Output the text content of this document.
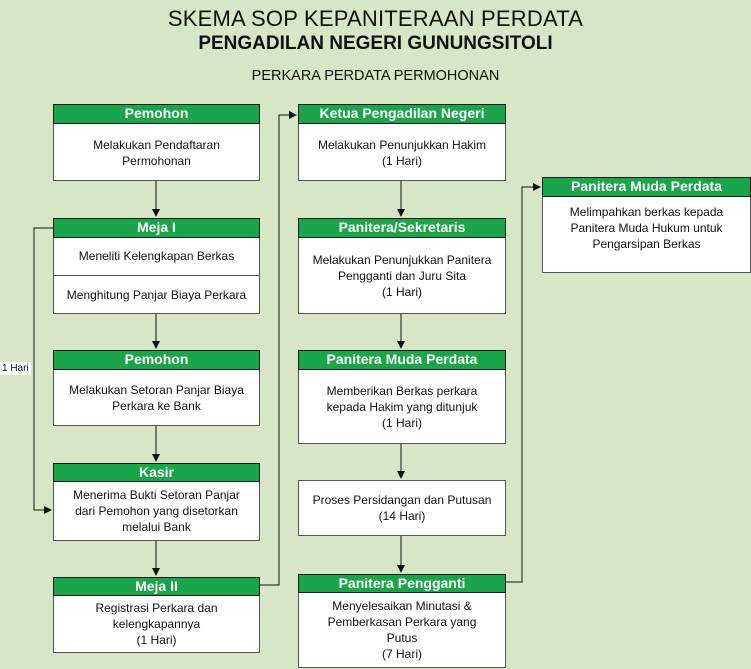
SKEMA SOP KEPANITERAAN PERDATA
PENGADILAN NEGERI GUNUNGSITOLI
PERKARA PERDATA PERMOHONAN
1 Hari
Pemohon
Melakukan Pendaftaran
Permohonan
Meja I
Meneliti Kelengkapan Berkas
Menghitung Panjar Biaya Perkara
Pemohon
Melakukan Setoran Panjar Biaya
Perkara ke Bank
Kasir
Menerima Bukti Setoran Panjar
dari Pemohon yang disetorkan
melalui Bank
Meja II
Registrasi Perkara dan
kelengkapannya
(1 Hari)
Ketua Pengadilan Negeri
Melakukan Penunjukkan Hakim
(1 Hari)
Panitera/Sekretaris
Melakukan Penunjukkan Panitera
Pengganti dan Juru Sita
(1 Hari)
Panitera Muda Perdata
Memberikan Berkas perkara
kepada Hakim yang ditunjuk
(1 Hari)
Proses Persidangan dan Putusan
(14 Hari)
Panitera Pengganti
Menyelesaikan Minutasi &
Pemberkasan Perkara yang
Putus
(7 Hari)
Panitera Muda Perdata
Melimpahkan berkas kepada
Panitera Muda Hukum untuk
Pengarsipan Berkas
